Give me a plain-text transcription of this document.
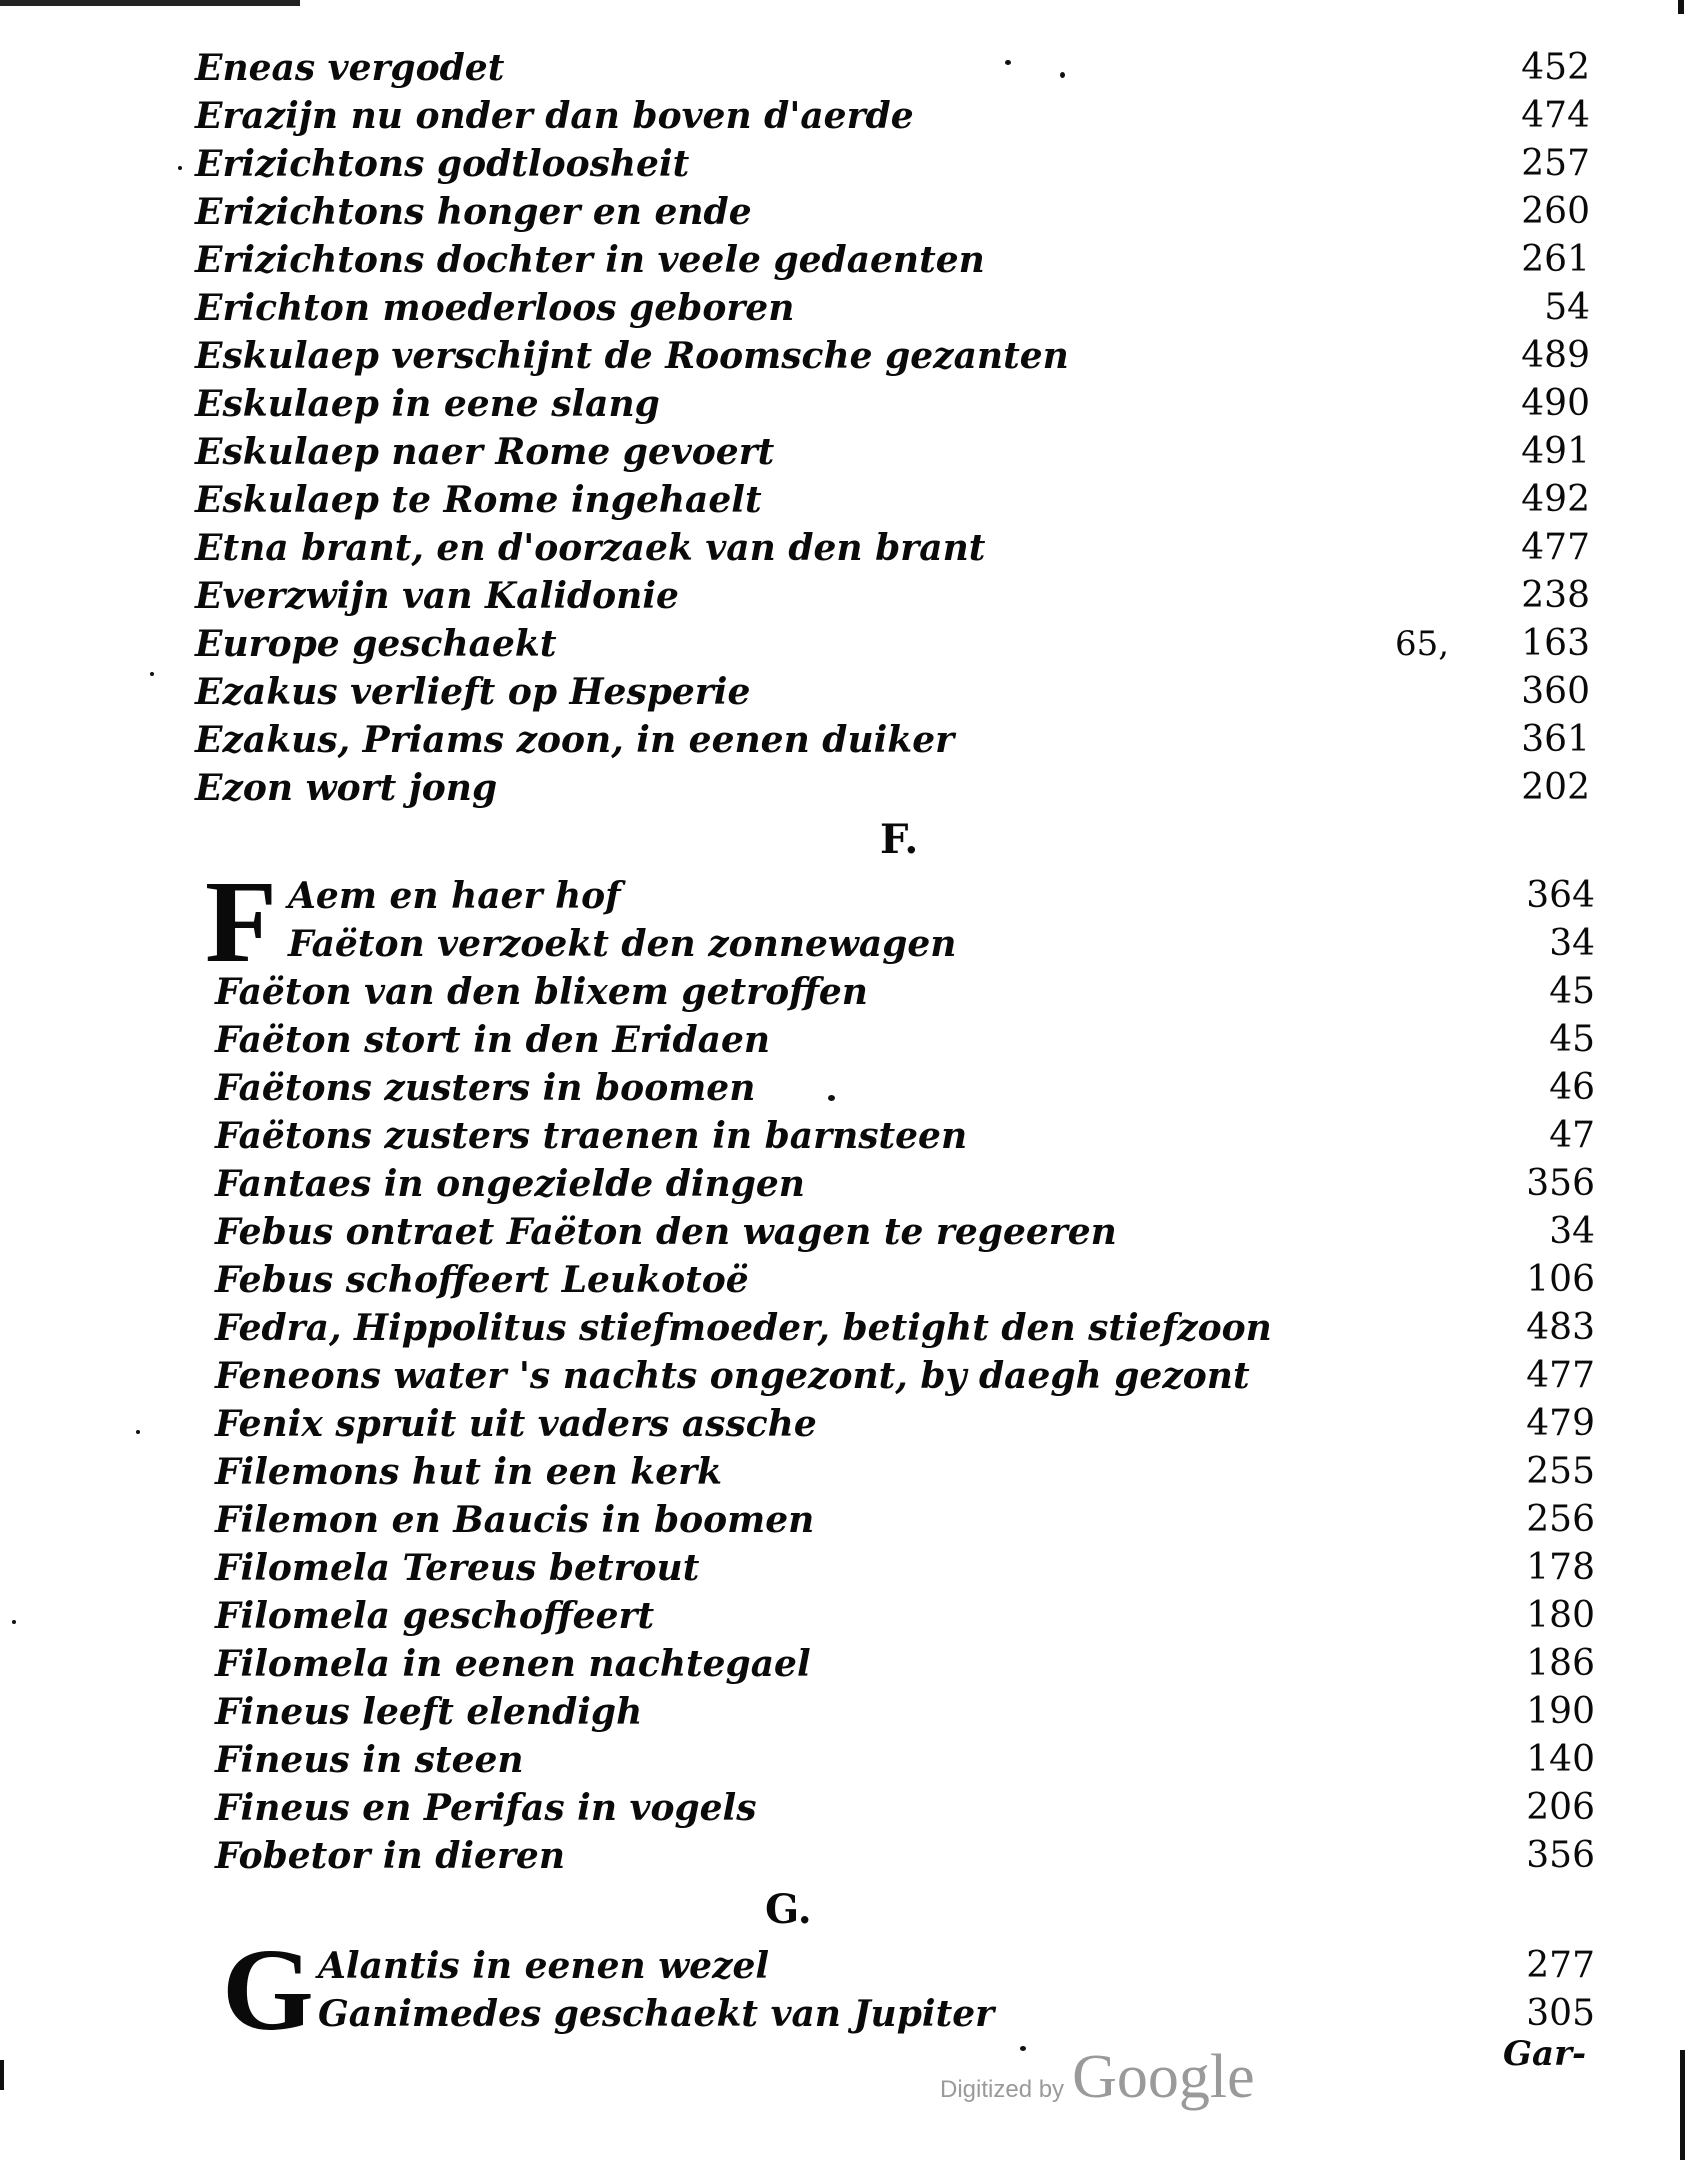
Eneas vergodet	452
Erazijn nu onder dan boven d'aerde	474
Erizichtons godtloosheit	257
Erizichtons honger en ende	260
Erizichtons dochter in veele gedaenten	261
Erichton moederloos geboren	54
Eskulaep verschijnt de Roomsche gezanten	489
Eskulaep in eene slang	490
Eskulaep naer Rome gevoert	491
Eskulaep te Rome ingehaelt	492
Etna brant, en d'oorzaek van den brant	477
Everzwijn van Kalidonie	238
Europe geschaekt	65, 163
Ezakus verlieft op Hesperie	360
Ezakus, Priams zoon, in eenen duiker	361
Ezon wort jong	202
F.
F Aem en haer hof	364
Faëton verzoekt den zonnewagen	34
Faëton van den blixem getroffen	45
Faëton stort in den Eridaen	45
Faëtons zusters in boomen	46
Faëtons zusters traenen in barnsteen	47
Fantaes in ongezielde dingen	356
Febus ontraet Faëton den wagen te regeeren	34
Febus schoffeert Leukotoë	106
Fedra, Hippolitus stiefmoeder, betight den stiefzoon	483
Feneons water 's nachts ongezont, by daegh gezont	477
Fenix spruit uit vaders assche	479
Filemons hut in een kerk	255
Filemon en Baucis in boomen	256
Filomela Tereus betrout	178
Filomela geschoffeert	180
Filomela in eenen nachtegael	186
Fineus leeft elendigh	190
Fineus in steen	140
Fineus en Perifas in vogels	206
Fobetor in dieren	356
G.
G Alantis in eenen wezel	277
Ganimedes geschaekt van Jupiter	305
Gar-
Digitized by Google
